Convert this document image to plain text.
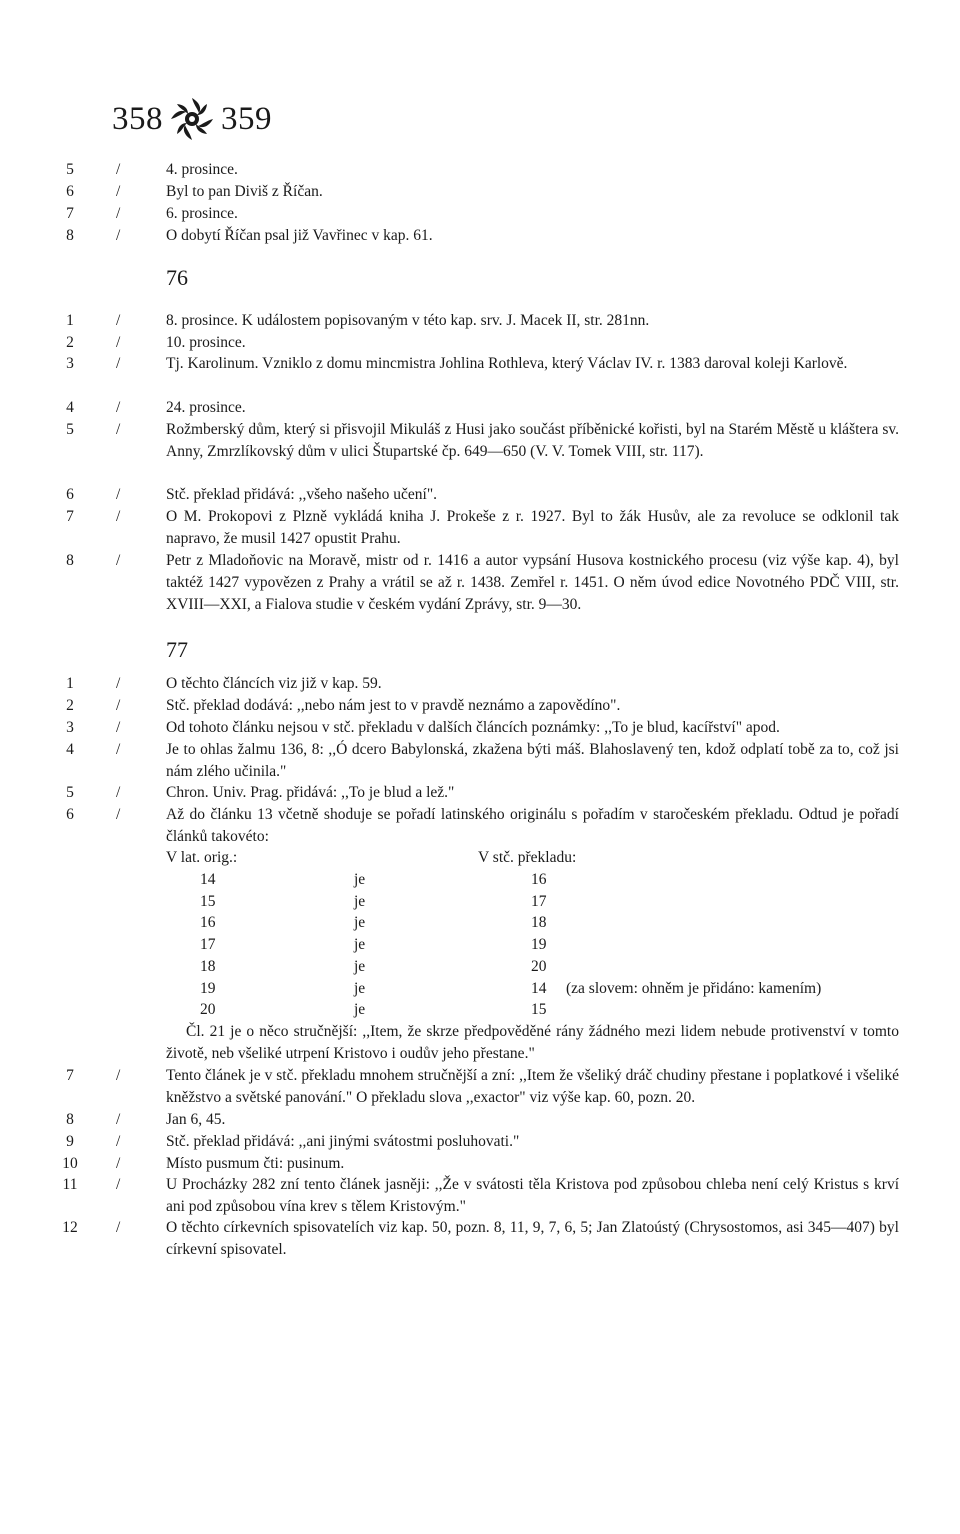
358 359
5	/	4. prosince.
6	/	Byl to pan Diviš z Říčan.
7	/	6. prosince.
8	/	O dobytí Říčan psal již Vavřinec v kap. 61.
76
1	/	8. prosince. K událostem popisovaným v této kap. srv. J. Macek II, str. 281nn.
2	/	10. prosince.
3	/	Tj. Karolinum. Vzniklo z domu mincmistra Johlina Rothleva, který Václav IV. r. 1383 daroval koleji Karlově.
4	/	24. prosince.
5	/	Rožmberský dům, který si přisvojil Mikuláš z Husi jako součást příběnické kořisti, byl na Starém Městě u kláštera sv. Anny, Zmrzlíkovský dům v ulici Štupartské čp. 649—650 (V. V. Tomek VIII, str. 117).
6	/	Stč. překlad přidává: ,,všeho našeho učení".
7	/	O M. Prokopovi z Plzně vykládá kniha J. Prokeše z r. 1927. Byl to žák Husův, ale za revoluce se odklonil tak napravo, že musil 1427 opustit Prahu.
8	/	Petr z Mladoňovic na Moravě, mistr od r. 1416 a autor vypsání Husova kostnického procesu (viz výše kap. 4), byl taktéž 1427 vypovězen z Prahy a vrátil se až r. 1438. Zemřel r. 1451. O něm úvod edice Novotného PDČ VIII, str. XVIII—XXI, a Fialova studie v českém vydání Zprávy, str. 9—30.
77
1	/	O těchto článcích viz již v kap. 59.
2	/	Stč. překlad dodává: ,,nebo nám jest to v pravdě neznámo a zapovědíno".
3	/	Od tohoto článku nejsou v stč. překladu v dalších článcích poznámky: ,,To je blud, kacířství" apod.
4	/	Je to ohlas žalmu 136, 8: ,,Ó dcero Babylonská, zkažena býti máš. Blahoslavený ten, kdož odplatí tobě za to, což jsi nám zlého učinila."
5	/	Chron. Univ. Prag. přidává: ,,To je blud a lež."
6	/	Až do článku 13 včetně shoduje se pořadí latinského originálu s pořadím v staročeském překladu. Odtud je pořadí článků takovéto:
V lat. orig.:	V stč. překladu:
14	je	16
15	je	17
16	je	18
17	je	19
18	je	20
19	je	14 (za slovem: ohněm je přidáno: kamením)
20	je	15
Čl. 21 je o něco stručnější: ,,Item, že skrze předpověděné rány žádného mezi lidem nebude protivenství v tomto životě, neb všeliké utrpení Kristovo i oudův jeho přestane."
7	/	Tento článek je v stč. překladu mnohem stručnější a zní: ,,Item že všeliký dráč chudiny přestane i poplatkové i všeliké kněžstvo a světské panování." O překladu slova ,,exactor" viz výše kap. 60, pozn. 20.
8	/	Jan 6, 45.
9	/	Stč. překlad přidává: ,,ani jinými svátostmi posluhovati."
10	/	Místo pusmum čti: pusinum.
11	/	U Procházky 282 zní tento článek jasněji: ,,Že v svátosti těla Kristova pod způsobou chleba není celý Kristus s krví ani pod způsobou vína krev s tělem Kristovým."
12	/	O těchto církevních spisovatelích viz kap. 50, pozn. 8, 11, 9, 7, 6, 5; Jan Zlatoústý (Chrysostomos, asi 345—407) byl církevní spisovatel.
